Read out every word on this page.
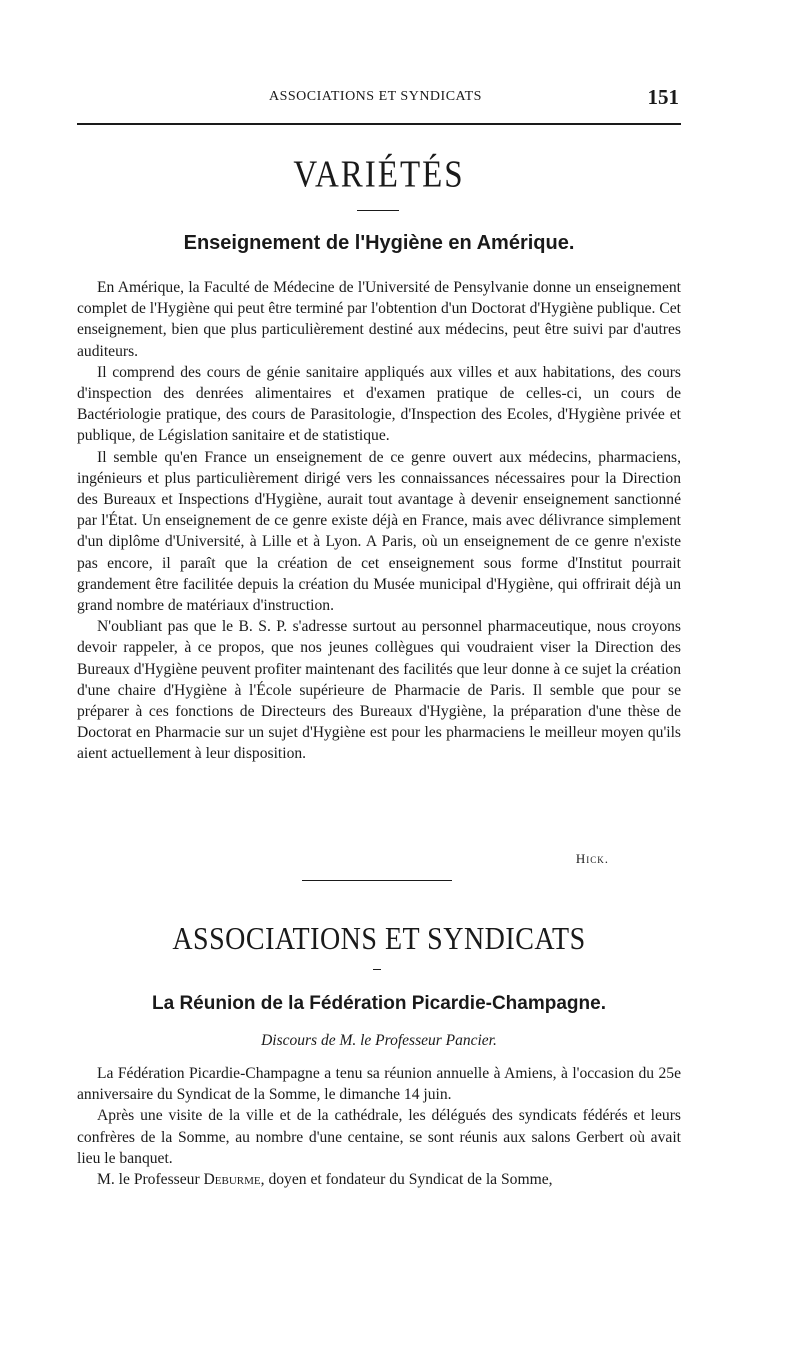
ASSOCIATIONS ET SYNDICATS	151
VARIÉTÉS
Enseignement de l'Hygiène en Amérique.

En Amérique, la Faculté de Médecine de l'Université de Pensylvanie donne un enseignement complet de l'Hygiène qui peut être terminé par l'obtention d'un Doctorat d'Hygiène publique. Cet enseignement, bien que plus particulièrement destiné aux médecins, peut être suivi par d'autres auditeurs.

Il comprend des cours de génie sanitaire appliqués aux villes et aux habitations, des cours d'inspection des denrées alimentaires et d'examen pratique de celles-ci, un cours de Bactériologie pratique, des cours de Parasitologie, d'Inspection des Ecoles, d'Hygiène privée et publique, de Législation sanitaire et de statistique.

Il semble qu'en France un enseignement de ce genre ouvert aux médecins, pharmaciens, ingénieurs et plus particulièrement dirigé vers les connaissances nécessaires pour la Direction des Bureaux et Inspections d'Hygiène, aurait tout avantage à devenir enseignement sanctionné par l'État. Un enseignement de ce genre existe déjà en France, mais avec délivrance simplement d'un diplôme d'Université, à Lille et à Lyon. A Paris, où un enseignement de ce genre n'existe pas encore, il paraît que la création de cet enseignement sous forme d'Institut pourrait grandement être facilitée depuis la création du Musée municipal d'Hygiène, qui offrirait déjà un grand nombre de matériaux d'instruction.

N'oubliant pas que le B. S. P. s'adresse surtout au personnel pharmaceutique, nous croyons devoir rappeler, à ce propos, que nos jeunes collègues qui voudraient viser la Direction des Bureaux d'Hygiène peuvent profiter maintenant des facilités que leur donne à ce sujet la création d'une chaire d'Hygiène à l'École supérieure de Pharmacie de Paris. Il semble que pour se préparer à ces fonctions de Directeurs des Bureaux d'Hygiène, la préparation d'une thèse de Doctorat en Pharmacie sur un sujet d'Hygiène est pour les pharmaciens le meilleur moyen qu'ils aient actuellement à leur disposition.

Hick.
ASSOCIATIONS ET SYNDICATS
La Réunion de la Fédération Picardie-Champagne.
Discours de M. le Professeur Pancier.

La Fédération Picardie-Champagne a tenu sa réunion annuelle à Amiens, à l'occasion du 25e anniversaire du Syndicat de la Somme, le dimanche 14 juin.

Après une visite de la ville et de la cathédrale, les délégués des syndicats fédérés et leurs confrères de la Somme, au nombre d'une centaine, se sont réunis aux salons Gerbert où avait lieu le banquet.

M. le Professeur Deburme, doyen et fondateur du Syndicat de la Somme,
